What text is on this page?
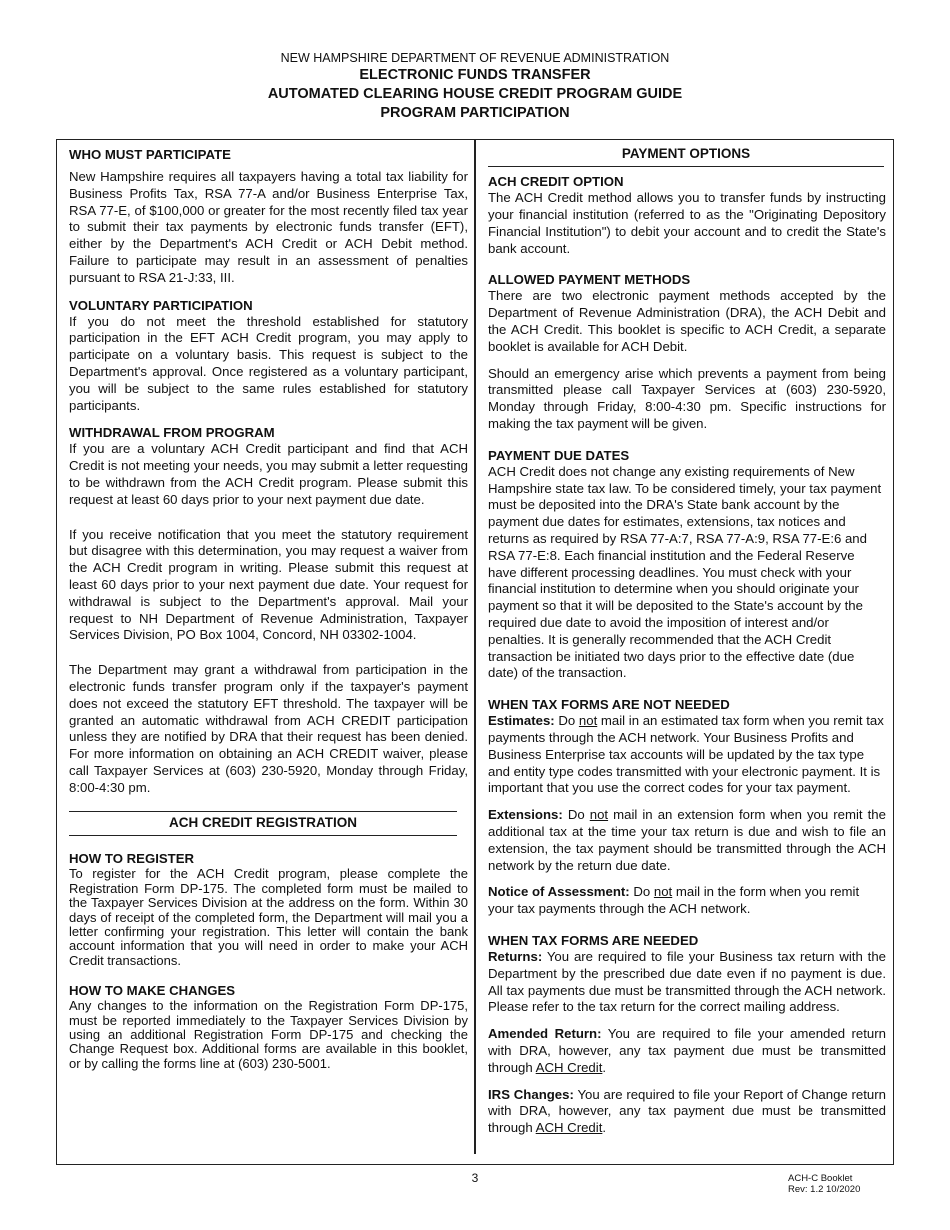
NEW HAMPSHIRE DEPARTMENT OF REVENUE ADMINISTRATION
ELECTRONIC FUNDS TRANSFER
AUTOMATED CLEARING HOUSE CREDIT PROGRAM GUIDE
PROGRAM PARTICIPATION
WHO MUST PARTICIPATE

New Hampshire requires all taxpayers having a total tax liability for Business Profits Tax, RSA 77-A and/or Business Enterprise Tax, RSA 77-E, of $100,000 or greater for the most recently filed tax year to submit their tax payments by electronic funds transfer (EFT), either by the Department's ACH Credit or ACH Debit method. Failure to participate may result in an assessment of penalties pursuant to RSA 21-J:33, III.

VOLUNTARY PARTICIPATION

If you do not meet the threshold established for statutory participation in the EFT ACH Credit program, you may apply to participate on a voluntary basis. This request is subject to the Department's approval. Once registered as a voluntary participant, you will be subject to the same rules established for statutory participants.

WITHDRAWAL FROM PROGRAM

If you are a voluntary ACH Credit participant and find that ACH Credit is not meeting your needs, you may submit a letter requesting to be withdrawn from the ACH Credit program. Please submit this request at least 60 days prior to your next payment due date.

If you receive notification that you meet the statutory requirement but disagree with this determination, you may request a waiver from the ACH Credit program in writing. Please submit this request at least 60 days prior to your next payment due date. Your request for withdrawal is subject to the Department's approval. Mail your request to NH Department of Revenue Administration, Taxpayer Services Division, PO Box 1004, Concord, NH 03302-1004.

The Department may grant a withdrawal from participation in the electronic funds transfer program only if the taxpayer's payment does not exceed the statutory EFT threshold. The taxpayer will be granted an automatic withdrawal from ACH CREDIT participation unless they are notified by DRA that their request has been denied. For more information on obtaining an ACH CREDIT waiver, please call Taxpayer Services at (603) 230-5920, Monday through Friday, 8:00-4:30 pm.

ACH CREDIT REGISTRATION
HOW TO REGISTER

To register for the ACH Credit program, please complete the Registration Form DP-175. The completed form must be mailed to the Taxpayer Services Division at the address on the form. Within 30 days of receipt of the completed form, the Department will mail you a letter confirming your registration. This letter will contain the bank account information that you will need in order to make your ACH Credit transactions.

HOW TO MAKE CHANGES

Any changes to the information on the Registration Form DP-175, must be reported immediately to the Taxpayer Services Division by using an additional Registration Form DP-175 and checking the Change Request box. Additional forms are available in this booklet, or by calling the forms line at (603) 230-5001.

PAYMENT OPTIONS
ACH CREDIT OPTION

The ACH Credit method allows you to transfer funds by instructing your financial institution (referred to as the "Originating Depository Financial Institution") to debit your account and to credit the State's bank account.

ALLOWED PAYMENT METHODS

There are two electronic payment methods accepted by the Department of Revenue Administration (DRA), the ACH Debit and the ACH Credit. This booklet is specific to ACH Credit, a separate booklet is available for ACH Debit.

Should an emergency arise which prevents a payment from being transmitted please call Taxpayer Services at (603) 230-5920, Monday through Friday, 8:00-4:30 pm. Specific instructions for making the tax payment will be given.

PAYMENT DUE DATES

ACH Credit does not change any existing requirements of New Hampshire state tax law. To be considered timely, your tax payment must be deposited into the DRA's State bank account by the payment due dates for estimates, extensions, tax notices and returns as required by RSA 77-A:7, RSA 77-A:9, RSA 77-E:6 and RSA 77-E:8. Each financial institution and the Federal Reserve have different processing deadlines. You must check with your financial institution to determine when you should originate your payment so that it will be deposited to the State's account by the required due date to avoid the imposition of interest and/or penalties. It is generally recommended that the ACH Credit transaction be initiated two days prior to the effective date (due date) of the transaction.

WHEN TAX FORMS ARE NOT NEEDED

Estimates: Do not mail in an estimated tax form when you remit tax payments through the ACH network. Your Business Profits and Business Enterprise tax accounts will be updated by the tax type and entity type codes transmitted with your electronic payment. It is important that you use the correct codes for your tax payment.

Extensions: Do not mail in an extension form when you remit the additional tax at the time your tax return is due and wish to file an extension, the tax payment should be transmitted through the ACH network by the return due date.

Notice of Assessment: Do not mail in the form when you remit your tax payments through the ACH network.

WHEN TAX FORMS ARE NEEDED

Returns: You are required to file your Business tax return with the Department by the prescribed due date even if no payment is due. All tax payments due must be transmitted through the ACH network. Please refer to the tax return for the correct mailing address.

Amended Return: You are required to file your amended return with DRA, however, any tax payment due must be transmitted through ACH Credit.

IRS Changes: You are required to file your Report of Change return with DRA, however, any tax payment due must be transmitted through ACH Credit.

3	ACH-C Booklet
Rev: 1.2 10/2020
